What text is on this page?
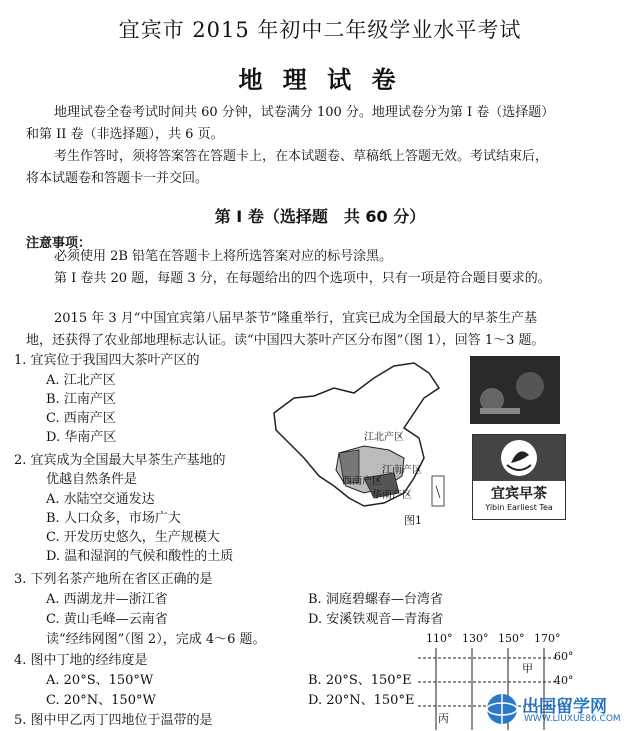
宜宾市 2015 年初中二年级学业水平考试
地 理 试 卷
地理试卷全卷考试时间共 60 分钟，试卷满分 100 分。地理试卷分为第 I 卷（选择题）
和第 II 卷（非选择题），共 6 页。
考生作答时，须将答案答在答题卡上，在本试题卷、草稿纸上答题无效。考试结束后，
将本试题卷和答题卡一并交回。
第 I 卷（选择题　共 60 分）
注意事项：
必须使用 2B 铅笔在答题卡上将所选答案对应的标号涂黑。
第 I 卷共 20 题，每题 3 分，在每题给出的四个选项中，只有一项是符合题目要求的。
2015 年 3 月“中国宜宾第八届早茶节”隆重举行，宜宾已成为全国最大的早茶生产基
地，还获得了农业部地理标志认证。读“中国四大茶叶产区分布图”（图 1），回答 1～3 题。
1. 宜宾位于我国四大茶叶产区的
A. 江北产区
B. 江南产区
C. 西南产区
D. 华南产区
2. 宜宾成为全国最大早茶生产基地的
优越自然条件是
A. 水陆空交通发达
B. 人口众多，市场广大
C. 开发历史悠久，生产规模大
D. 温和湿润的气候和酸性的土质
3. 下列名茶产地所在省区正确的是
A. 西湖龙井—浙江省	B. 洞庭碧螺春—台湾省
C. 黄山毛峰—云南省	D. 安溪铁观音—青海省
读“经纬网图”（图 2），完成 4～6 题。
4. 图中丁地的经纬度是
A. 20°S、150°W	B. 20°S、150°E
C. 20°N、150°W	D. 20°N、150°E
5. 图中甲乙丙丁四地位于温带的是
江北产区
江南产区
西南产区
华南产区
图1
宜宾早茶
Yibin Earliest Tea
110° 130° 150° 170°
60°
40°
甲
丙
出国留学网
WWW.LIUXUE86.COM
